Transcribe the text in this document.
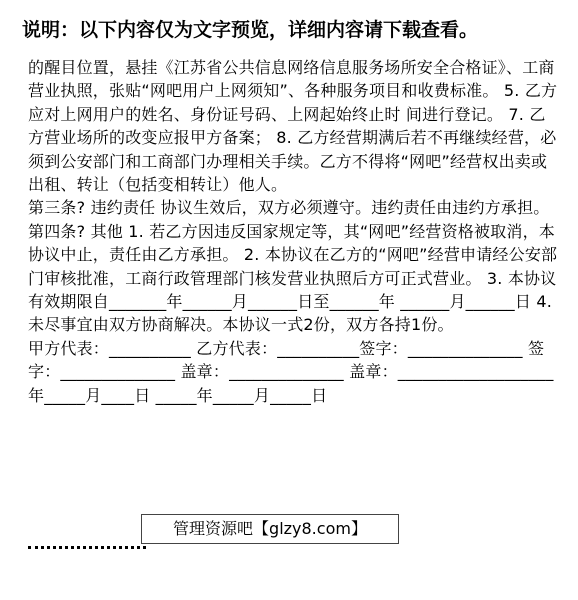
说明：以下内容仅为文字预览，详细内容请下载查看。

的醒目位置，悬挂《江苏省公共信息网络信息服务场所安全合格证》、工商营业执照，张贴“网吧用户上网须知”、各种服务项目和收费标准。 5. 乙方应对上网用户的姓名、身份证号码、上网起始终止时 间进行登记。 7. 乙方营业场所的改变应报甲方备案； 8. 乙方经营期满后若不再继续经营，必须到公安部门和工商部门办理相关手续。乙方不得将“网吧”经营权出卖或出租、转让（包括变相转让）他人。

第三条? 违约责任 协议生效后，双方必须遵守。违约责任由违约方承担。

第四条? 其他 1. 若乙方因违反国家规定等，其“网吧”经营资格被取消，本协议中止，责任由乙方承担。 2. 本协议在乙方的“网吧”经营申请经公安部门审核批准，工商行政管理部门核发营业执照后方可正式营业。 3. 本协议有效期限自_______年______月______日至______年 ______月______日 4. 未尽事宜由双方协商解决。本协议一式2份，双方各持1份。

甲方代表：__________ 乙方代表：__________签字：______________ 签字：______________ 盖章：______________ 盖章：___________________年_____月____日 _____年_____月_____日

管理资源吧【glzy8.com】
